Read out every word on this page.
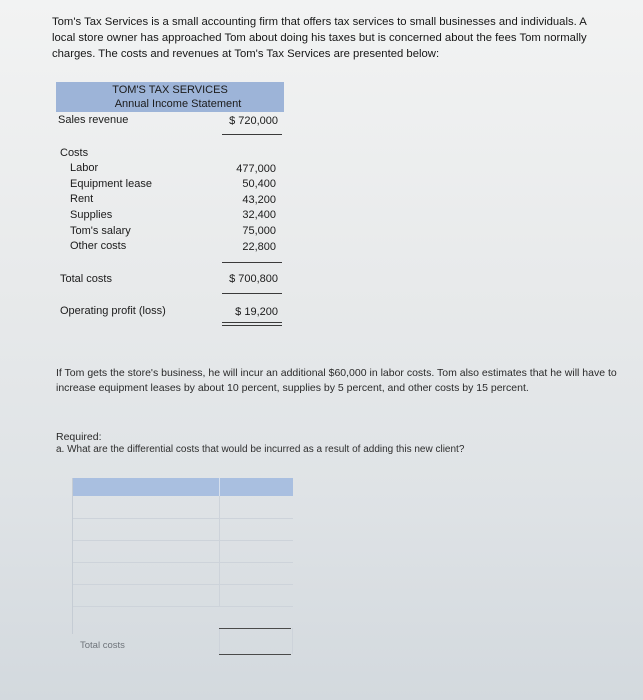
Tom's Tax Services is a small accounting firm that offers tax services to small businesses and individuals. A local store owner has approached Tom about doing his taxes but is concerned about the fees Tom normally charges. The costs and revenues at Tom's Tax Services are presented below:
TOM'S TAX SERVICES
Annual Income Statement
Sales revenue	$ 720,000
Costs
Labor	477,000
Equipment lease	50,400
Rent	43,200
Supplies	32,400
Tom's salary	75,000
Other costs	22,800
Total costs	$ 700,800
Operating profit (loss)	$ 19,200
If Tom gets the store's business, he will incur an additional $60,000 in labor costs. Tom also estimates that he will have to increase equipment leases by about 10 percent, supplies by 5 percent, and other costs by 15 percent.
Required:
a. What are the differential costs that would be incurred as a result of adding this new client?
Total costs
